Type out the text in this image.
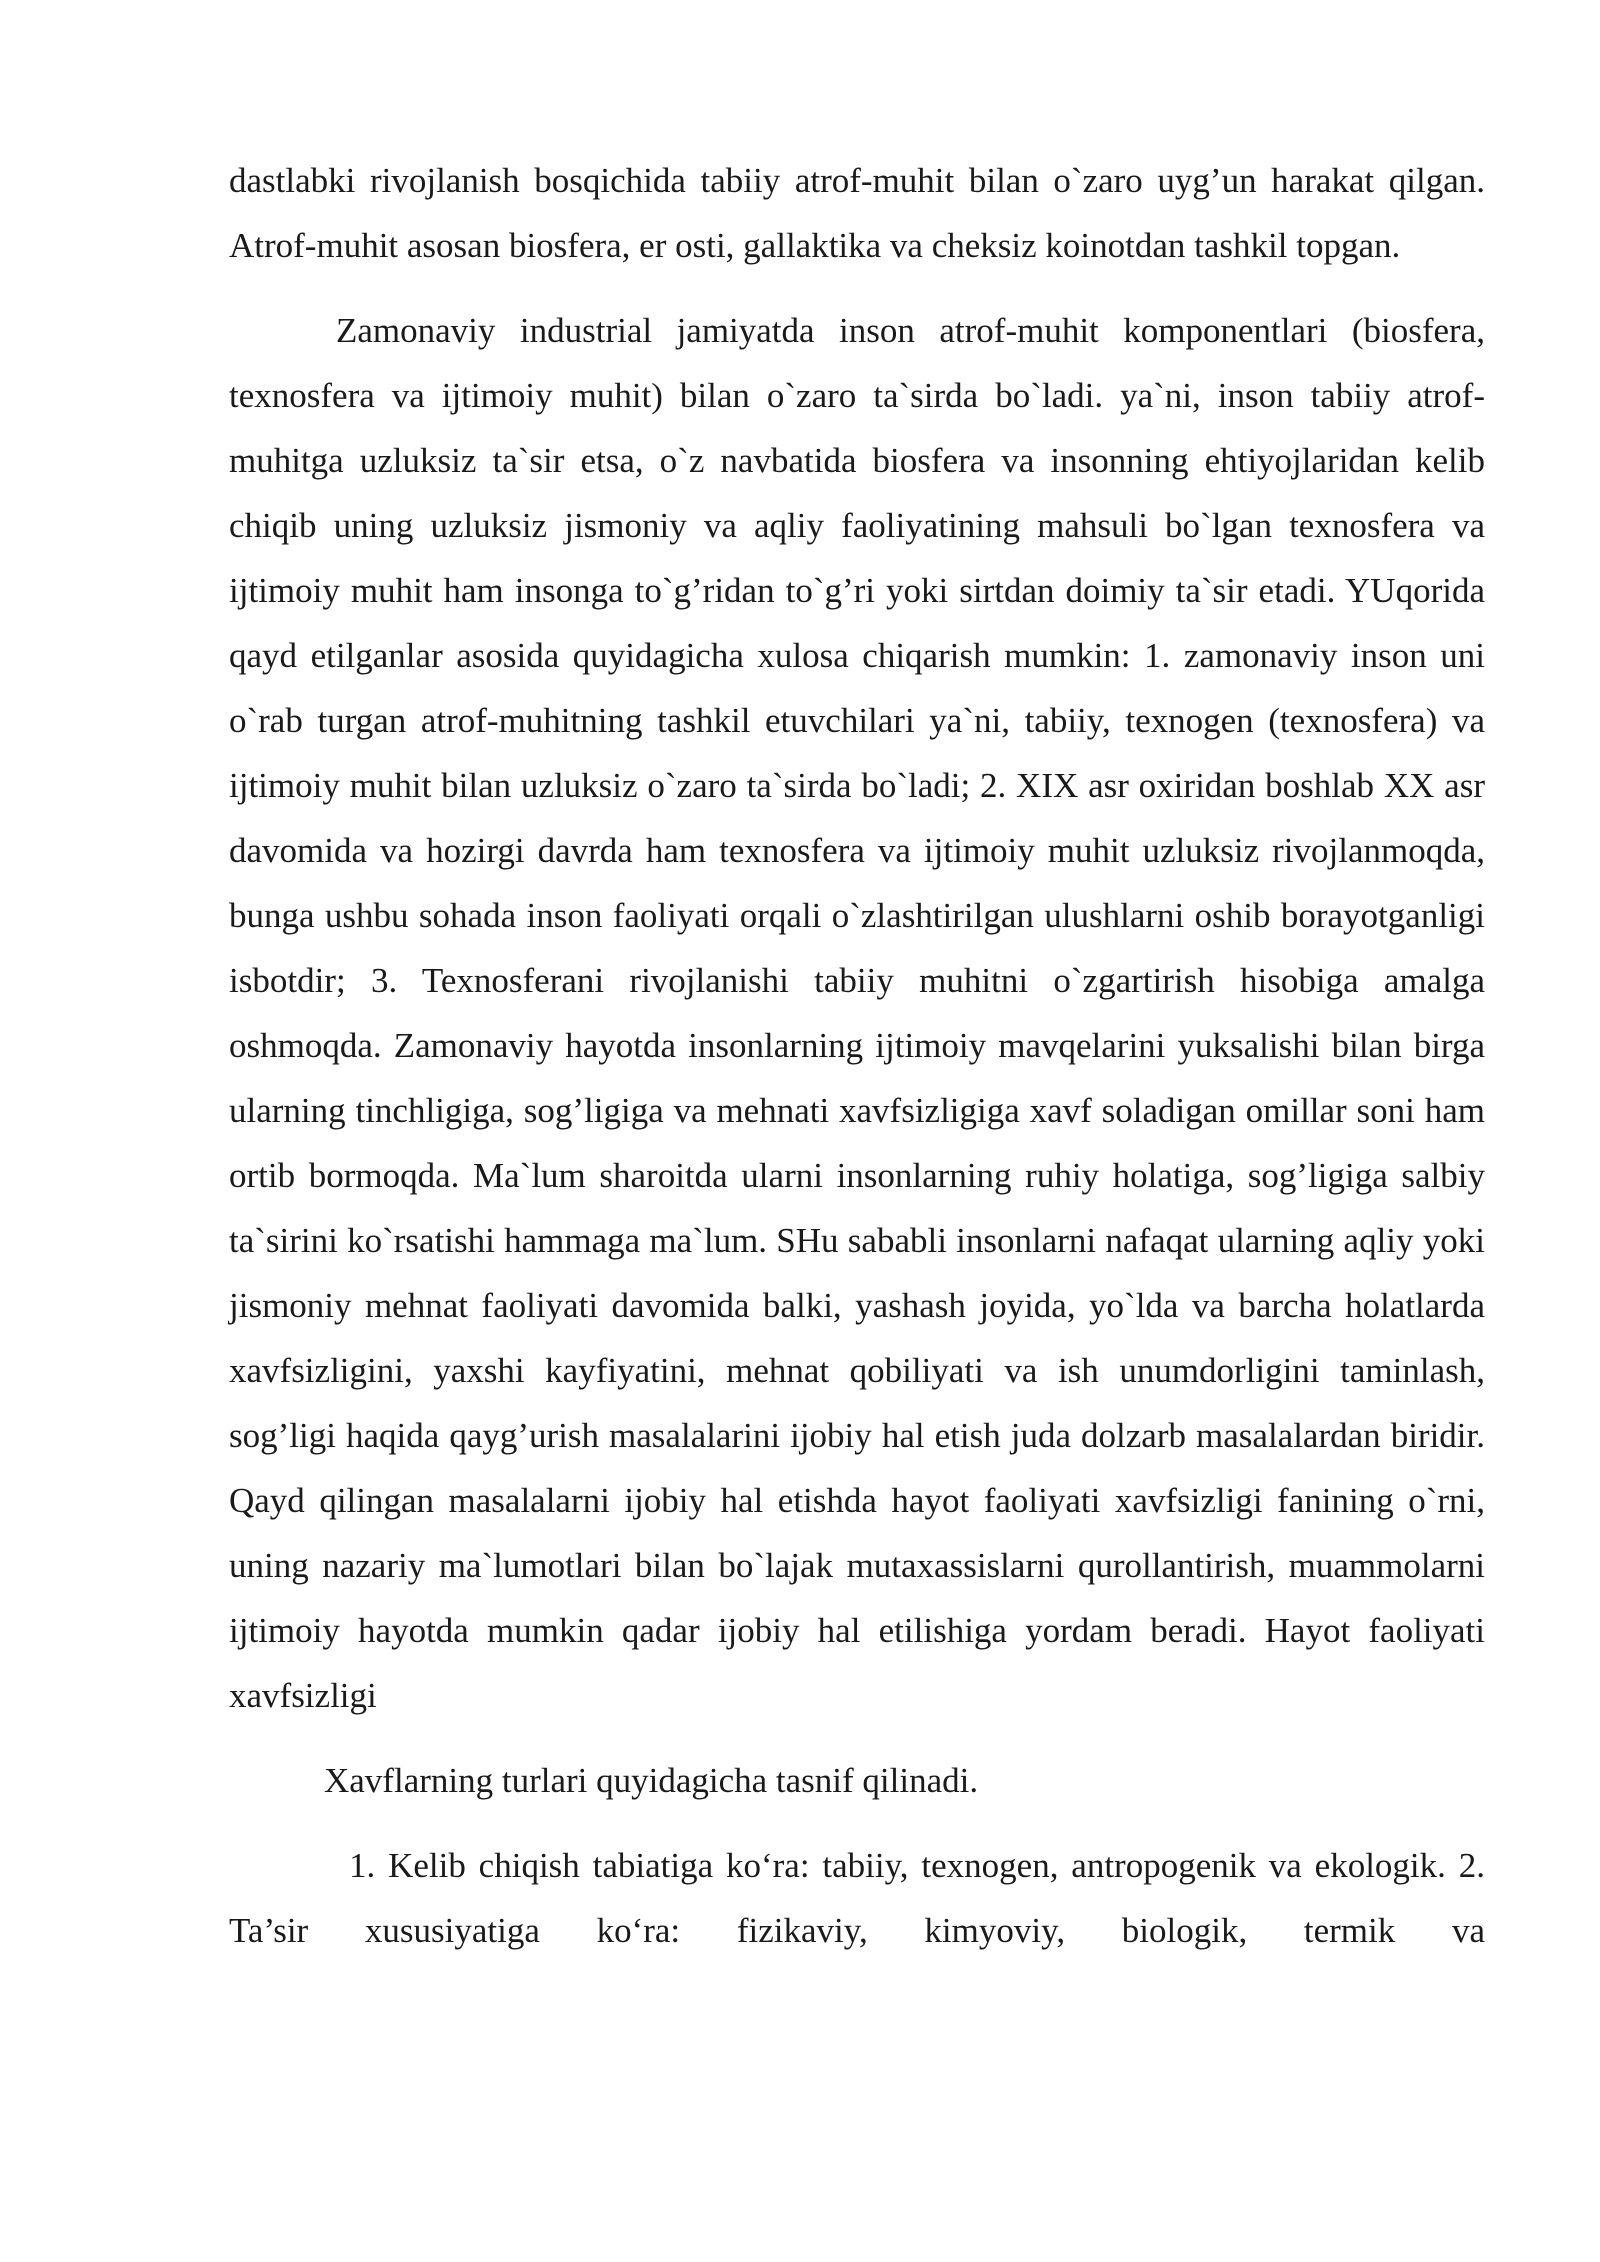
dastlabki rivojlanish bosqichida tabiiy atrof-muhit bilan o`zaro uyg’un harakat qilgan. Atrof-muhit asosan biosfera, er osti, gallaktika va cheksiz koinotdan tashkil topgan.

Zamonaviy industrial jamiyatda inson atrof-muhit komponentlari (biosfera, texnosfera va ijtimoiy muhit) bilan o`zaro ta`sirda bo`ladi. ya`ni, inson tabiiy atrof-muhitga uzluksiz ta`sir etsa, o`z navbatida biosfera va insonning ehtiyojlaridan kelib chiqib uning uzluksiz jismoniy va aqliy faoliyatining mahsuli bo`lgan texnosfera va ijtimoiy muhit ham insonga to`g’ridan to`g’ri yoki sirtdan doimiy ta`sir etadi. YUqorida qayd etilganlar asosida quyidagicha xulosa chiqarish mumkin: 1. zamonaviy inson uni o`rab turgan atrof-muhitning tashkil etuvchilari ya`ni, tabiiy, texnogen (texnosfera) va ijtimoiy muhit bilan uzluksiz o`zaro ta`sirda bo`ladi; 2. XIX asr oxiridan boshlab XX asr davomida va hozirgi davrda ham texnosfera va ijtimoiy muhit uzluksiz rivojlanmoqda, bunga ushbu sohada inson faoliyati orqali o`zlashtirilgan ulushlarni oshib borayotganligi isbotdir; 3. Texnosferani rivojlanishi tabiiy muhitni o`zgartirish hisobiga amalga oshmoqda. Zamonaviy hayotda insonlarning ijtimoiy mavqelarini yuksalishi bilan birga ularning tinchligiga, sog’ligiga va mehnati xavfsizligiga xavf soladigan omillar soni ham ortib bormoqda. Ma`lum sharoitda ularni insonlarning ruhiy holatiga, sog’ligiga salbiy ta`sirini ko`rsatishi hammaga ma`lum. SHu sababli insonlarni nafaqat ularning aqliy yoki jismoniy mehnat faoliyati davomida balki, yashash joyida, yo`lda va barcha holatlarda xavfsizligini, yaxshi kayfiyatini, mehnat qobiliyati va ish unumdorligini taminlash, sog’ligi haqida qayg’urish masalalarini ijobiy hal etish juda dolzarb masalalardan biridir. Qayd qilingan masalalarni ijobiy hal etishda hayot faoliyati xavfsizligi fanining o`rni, uning nazariy ma`lumotlari bilan bo`lajak mutaxassislarni qurollantirish, muammolarni ijtimoiy hayotda mumkin qadar ijobiy hal etilishiga yordam beradi. Hayot faoliyati xavfsizligi

Xavflarning turlari quyidagicha tasnif qilinadi.

1. Kelib chiqish tabiatiga ko‘ra: tabiiy, texnogen, antropogenik va ekologik. 2. Ta’sir xususiyatiga ko‘ra: fizikaviy, kimyoviy, biologik, termik va
